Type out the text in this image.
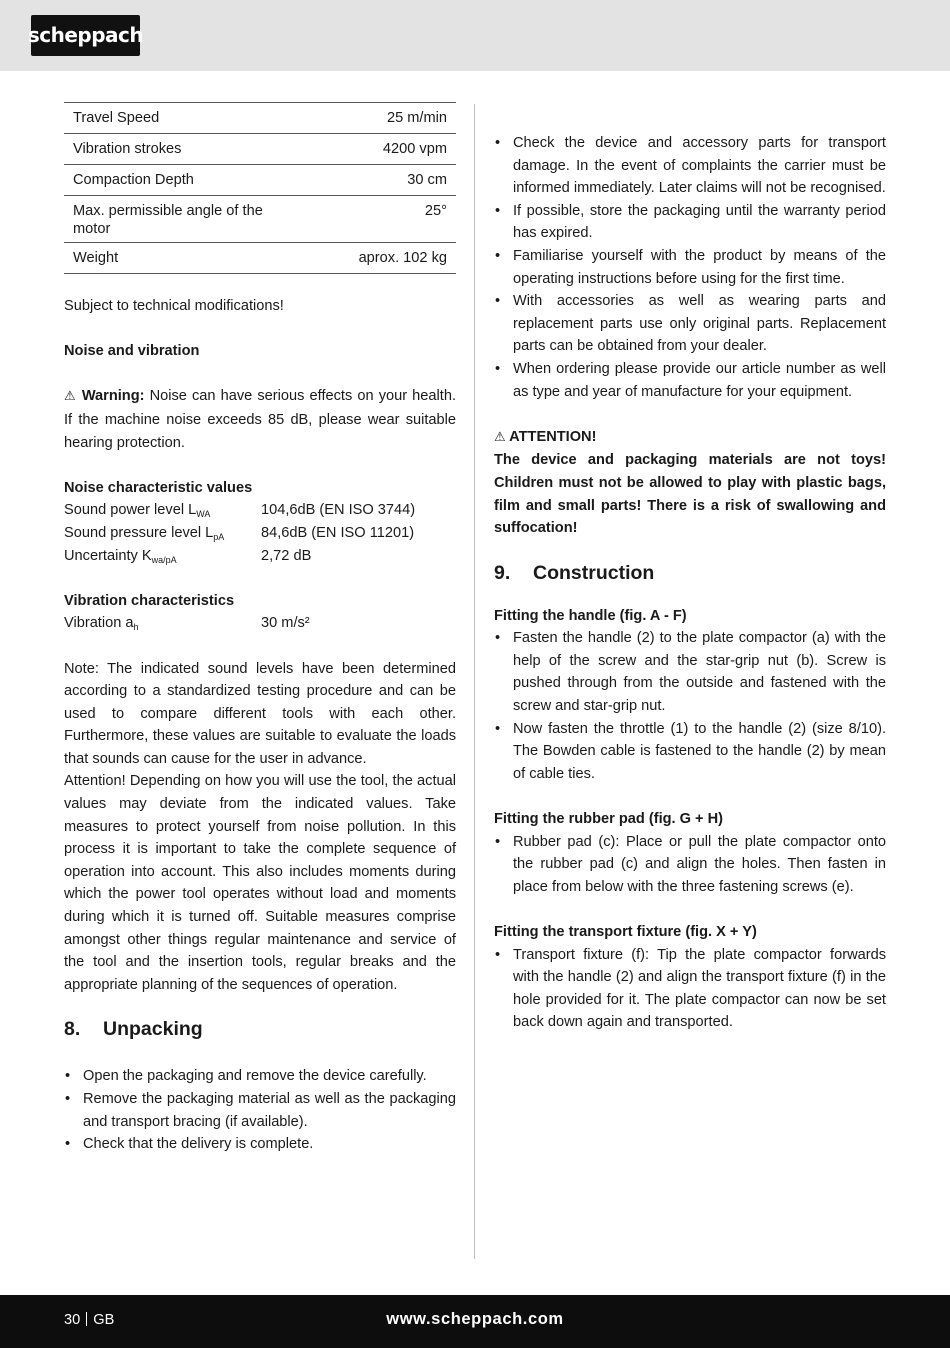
scheppach
Travel Speed	25 m/min
Vibration strokes	4200 vpm
Compaction Depth	30 cm
Max. permissible angle of the motor	25°
Weight	aprox. 102 kg

Subject to technical modifications!

Noise and vibration

⚠ Warning: Noise can have serious effects on your health. If the machine noise exceeds 85 dB, please wear suitable hearing protection.

Noise characteristic values

Sound power level $L_{WA}$	104,6dB (EN ISO 3744)
Sound pressure level $L_{pA}$	84,6dB (EN ISO 11201)
Uncertainty $K_{wa/pA}$	2,72 dB

Vibration characteristics

Vibration $a_h$	30 m/s²

Note: The indicated sound levels have been determined according to a standardized testing procedure and can be used to compare different tools with each other. Furthermore, these values are suitable to evaluate the loads that sounds can cause for the user in advance.

Attention! Depending on how you will use the tool, the actual values may deviate from the indicated values. Take measures to protect yourself from noise pollution. In this process it is important to take the complete sequence of operation into account. This also includes moments during which the power tool operates without load and moments during which it is turned off. Suitable measures comprise amongst other things regular maintenance and service of the tool and the insertion tools, regular breaks and the appropriate planning of the sequences of operation.

8. Unpacking
• Open the packaging and remove the device carefully.
• Remove the packaging material as well as the packaging and transport bracing (if available).
• Check that the delivery is complete.
• Check the device and accessory parts for transport damage. In the event of complaints the carrier must be informed immediately. Later claims will not be recognised.
• If possible, store the packaging until the warranty period has expired.
• Familiarise yourself with the product by means of the operating instructions before using for the first time.
• With accessories as well as wearing parts and replacement parts use only original parts. Replacement parts can be obtained from your dealer.
• When ordering please provide our article number as well as type and year of manufacture for your equipment.

⚠ ATTENTION!

The device and packaging materials are not toys! Children must not be allowed to play with plastic bags, film and small parts! There is a risk of swallowing and suffocation!

9. Construction

Fitting the handle (fig. A - F)

• Fasten the handle (2) to the plate compactor (a) with the help of the screw and the star-grip nut (b). Screw is pushed through from the outside and fastened with the screw and star-grip nut.
• Now fasten the throttle (1) to the handle (2) (size 8/10). The Bowden cable is fastened to the handle (2) by mean of cable ties.

Fitting the rubber pad (fig. G + H)

• Rubber pad (c): Place or pull the plate compactor onto the rubber pad (c) and align the holes. Then fasten in place from below with the three fastening screws (e).

Fitting the transport fixture (fig. X + Y)

• Transport fixture (f): Tip the plate compactor forwards with the handle (2) and align the transport fixture (f) in the hole provided for it. The plate compactor can now be set back down again and transported.
30 GB	www.scheppach.com
